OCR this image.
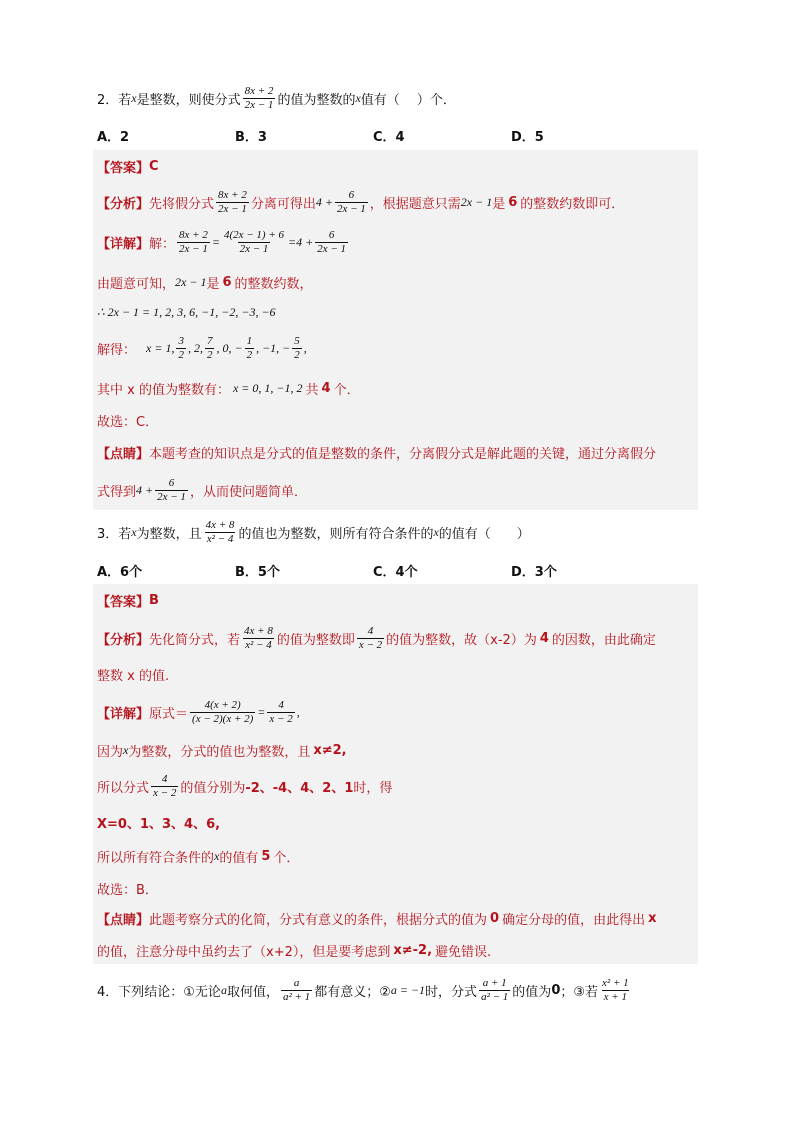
2．若 x 是整数，则使分式 $\frac{8x + 2}{2x - 1}$ 的值为整数的 x 值有（　 ）个．
A．2	B．3	C．4	D．5
【答案】 C
【分析】 先将假分式 $\frac{8x + 2}{2x - 1}$ 分离可得出 $4 + \frac{6}{2x - 1}$ ，根据题意只需 2x − 1 是 6 的整数约数即可．
【详解】 解： $\frac{8x + 2}{2x - 1} = \frac{4(2x - 1) + 6}{2x - 1} = 4 + \frac{6}{2x - 1}$
由题意可知， 2x − 1 是 6 的整数约数，
∴ 2x − 1 = 1, 2, 3, 6, −1, −2, −3, −6
解得： x = 1, $\frac{3}{2}$ , 2, $\frac{7}{2}$ , 0, − $\frac{1}{2}$ , −1, − $\frac{5}{2}$ ,
其中 x 的值为整数有： x = 0, 1, −1, 2 共 4 个．
故选：C．
【点睛】 本题考查的知识点是分式的值是整数的条件，分离假分式是解此题的关键，通过分离假分
式得到 $4 + \frac{6}{2x - 1}$ ，从而使问题简单．
3．若 x 为整数，且 $\frac{4x + 8}{\text{x² − 4}}$ 的值也为整数，则所有符合条件的 x 的值有（　　）
A．6个	B．5个	C．4个	D．3个
【答案】 B
【分析】 先化简分式，若 $\frac{4x + 8}{\text{x² − 4}}$ 的值为整数即 $\frac{4}{x - 2}$ 的值为整数，故（x-2）为 4 的因数，由此确定
整数 x 的值.
【详解】 原式＝ $\frac{4(x + 2)}{(x - 2)(x + 2)} = \frac{4}{x - 2}$ ,
因为 x 为整数，分式的值也为整数，且 x≠2,
所以分式 $\frac{4}{x - 2}$ 的值分别为 -2、-4、4、2、1 时，得
X=0、1、3、4、6,
所以所有符合条件的 x 的值有 5 个．
故选：B．
【点睛】 此题考察分式的化简，分式有意义的条件，根据分式的值为 0 确定分母的值，由此得出 x
的值，注意分母中虽约去了（x+2），但是要考虑到 x≠-2, 避免错误.
4．下列结论：①无论 a 取何值， $\frac{a}{\text{a² + 1}}$ 都有意义；② a = −1 时，分式 $\frac{a + 1}{\text{a² − 1}}$ 的值为 0 ；③若 $\frac{\text{x² + 1}}{x + 1}$
